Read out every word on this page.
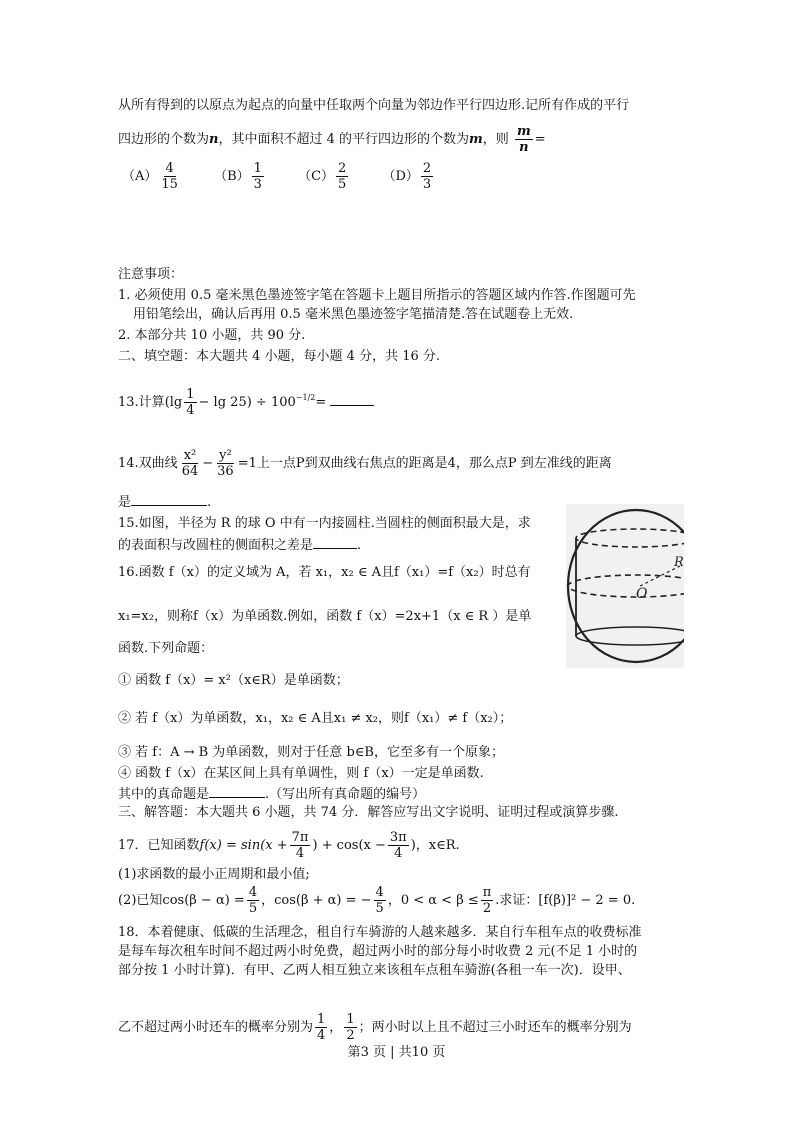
从所有得到的以原点为起点的向量中任取两个向量为邻边作平行四边形.记所有作成的平行
四边形的个数为n，其中面积不超过 4 的平行四边形的个数为m，则 $\frac{m}{n}$ =
$(A) \frac{4}{15}$	$(B) \frac{1}{3}$	$(C) \frac{2}{5}$	$(D) \frac{2}{3}$
注意事项：
1. 必须使用 0.5 毫米黑色墨迹签字笔在答题卡上题目所指示的答题区域内作答.作图题可先
用铅笔绘出，确认后再用 0.5 毫米黑色墨迹签字笔描清楚.答在试题卷上无效.
2. 本部分共 10 小题，共 90 分.
二、填空题：本大题共 4 小题，每小题 4 分，共 16 分.
13.计算$(\lg \frac{1}{4} - \lg 25) \div 100^{-1/2}=$
14.双曲线 $\frac{\text{x²}}{64} - \frac{\text{y²}}{36} =1$上一点P到双曲线右焦点的距离是4，那么点P 到左准线的距离
是	.
15.如图，半径为 R 的球 O 中有一内接圆柱.当圆柱的侧面积最大是，求
的表面积与改圆柱的侧面积之差是	.
O
R
16.函数 f（x）的定义域为 A，若 x₁，x₂ ∈ A且f（x₁）=f（x₂）时总有
x₁=x₂，则称f（x）为单函数.例如，函数 f（x）=2x+1（x ∈ R ）是单
函数.下列命题：
① 函数 f（x）= x²（x∈R）是单函数；
② 若 f（x）为单函数，x₁，x₂ ∈ A且x₁ ≠ x₂，则f（x₁）≠ f（x₂）；
③ 若 f：A → B 为单函数，则对于任意 b∈B，它至多有一个原象；
④ 函数 f（x）在某区间上具有单调性，则 f（x）一定是单函数.
其中的真命题是	.（写出所有真命题的编号）
三、解答题：本大题共 6 小题，共 74 分．解答应写出文字说明、证明过程或演算步骤.
17．已知函数$f(x) = \sin(x + \frac{7\pi}{4}$ ) + $\cos(x - \frac{3\pi}{4}$ )，x∈R.
(1)求函数的最小正周期和最小值;
(2)已知$\cos(\beta - \alpha) = \frac{4}{5}$ ，cos(β + α) = − $\frac{4}{5}$ ，$0 < \alpha < \beta \le \frac{\pi}{2}$ .求证：[f(β)]² − 2 = 0.
18．本着健康、低碳的生活理念，租自行车骑游的人越来越多．某自行车租车点的收费标准
是每车每次租车时间不超过两小时免费，超过两小时的部分每小时收费 2 元(不足 1 小时的
部分按 1 小时计算)．有甲、乙两人相互独立来该租车点租车骑游(各租一车一次)．设甲、
乙不超过两小时还车的概率分别为 $\frac{1}{4}$ ， $\frac{1}{2}$ ；两小时以上且不超过三小时还车的概率分别为
第3 页 | 共10 页
